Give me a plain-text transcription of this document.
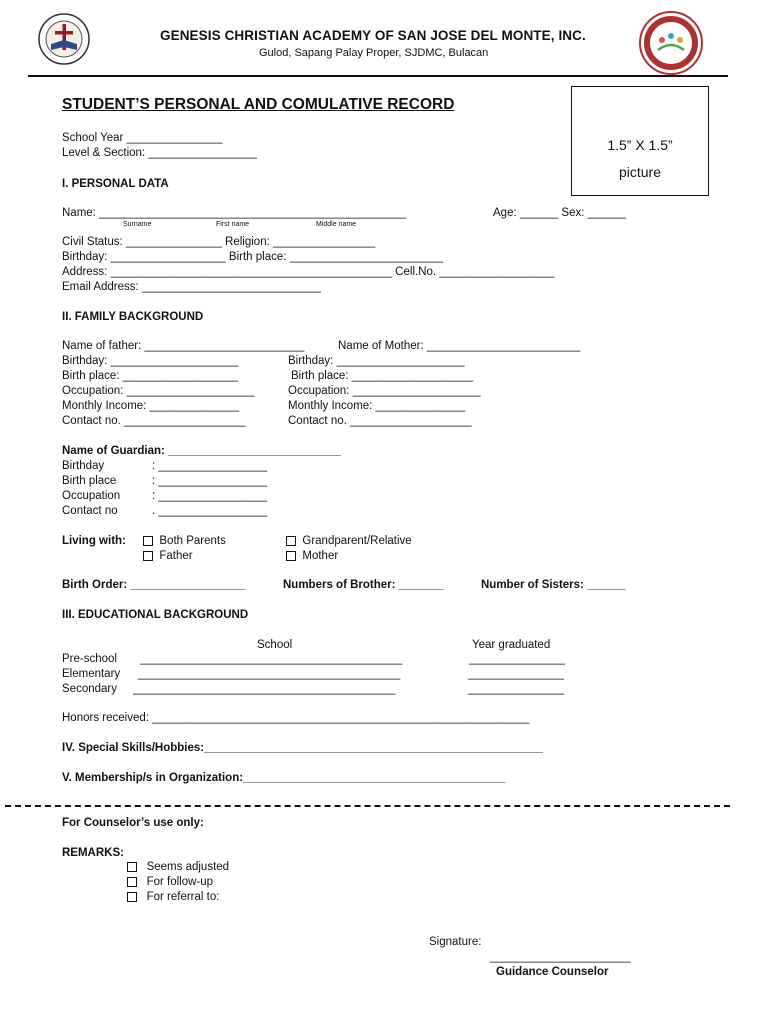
GENESIS CHRISTIAN ACADEMY OF SAN JOSE DEL MONTE, INC.
Gulod, Sapang Palay Proper, SJDMC, Bulacan
STUDENT’S PERSONAL AND COMULATIVE RECORD
1.5” X 1.5”
picture
School Year _______________
Level & Section: _________________
I. PERSONAL DATA
Name: ________________________________________________
Surname	First name	Middle name
Age: ______ Sex: ______
Civil Status: _______________ Religion: ________________
Birthday: __________________ Birth place: ________________________
Address: ____________________________________________ Cell.No. __________________
Email Address: ____________________________
II. FAMILY BACKGROUND
Name of father: _________________________	Name of Mother: ________________________
Birthday: ____________________	Birthday: ____________________
Birth place: __________________	Birth place: ___________________
Occupation: ____________________	Occupation: ____________________
Monthly Income: ______________	Monthly Income: ______________
Contact no. ___________________	Contact no. ___________________
Name of Guardian: ___________________________
Birthday	: _________________
Birth place	: _________________
Occupation	: _________________
Contact no	. _________________
Living with:	Both Parents	Grandparent/Relative
Father	Mother
Birth Order: __________________	Numbers of Brother: _______	Number of Sisters: ______
III. EDUCATIONAL BACKGROUND
School	Year graduated
Pre-school _________________________________________	_______________
Elementary _________________________________________	_______________
Secondary _________________________________________	_______________
Honors received: ___________________________________________________________
IV. Special Skills/Hobbies:_____________________________________________________
V. Membership/s in Organization:_________________________________________
For Counselor’s use only:
REMARKS:
Seems adjusted
For follow-up
For referral to:
Signature:
______________________
Guidance Counselor
